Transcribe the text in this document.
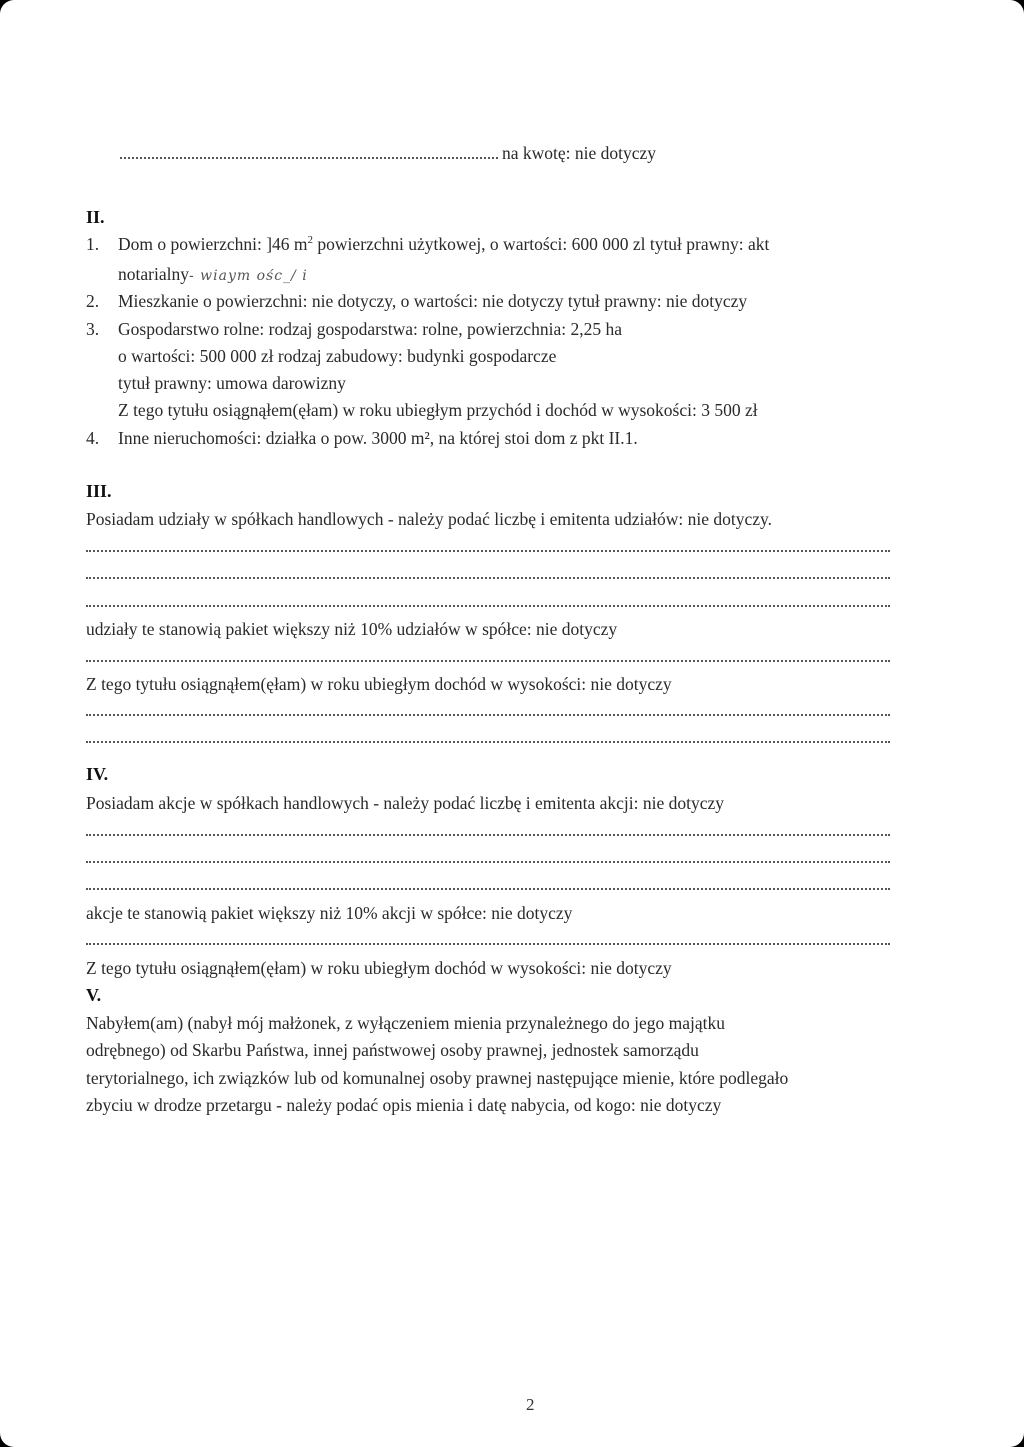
na kwotę: nie dotyczy
II.
1. Dom o powierzchni: ]46 $m^2$ powierzchni użytkowej, o wartości: 600 000 zl tytuł prawny: akt
notarialny- wiaym ośc_/ i
2. Mieszkanie o powierzchni: nie dotyczy, o wartości: nie dotyczy tytuł prawny: nie dotyczy
3. Gospodarstwo rolne: rodzaj gospodarstwa: rolne, powierzchnia: 2,25 ha
o wartości: 500 000 zł rodzaj zabudowy: budynki gospodarcze
tytuł prawny: umowa darowizny
Z tego tytułu osiągnąłem(ęłam) w roku ubiegłym przychód i dochód w wysokości: 3 500 zł
4. Inne nieruchomości: działka o pow. 3000 m², na której stoi dom z pkt II.1.
III.
Posiadam udziały w spółkach handlowych - należy podać liczbę i emitenta udziałów: nie dotyczy.
udziały te stanowią pakiet większy niż 10% udziałów w spółce: nie dotyczy
Z tego tytułu osiągnąłem(ęłam) w roku ubiegłym dochód w wysokości: nie dotyczy
IV.
Posiadam akcje w spółkach handlowych - należy podać liczbę i emitenta akcji: nie dotyczy
akcje te stanowią pakiet większy niż 10% akcji w spółce: nie dotyczy
Z tego tytułu osiągnąłem(ęłam) w roku ubiegłym dochód w wysokości: nie dotyczy
V.
Nabyłem(am) (nabył mój małżonek, z wyłączeniem mienia przynależnego do jego majątku
odrębnego) od Skarbu Państwa, innej państwowej osoby prawnej, jednostek samorządu
terytorialnego, ich związków lub od komunalnej osoby prawnej następujące mienie, które podlegało
zbyciu w drodze przetargu - należy podać opis mienia i datę nabycia, od kogo: nie dotyczy
2
